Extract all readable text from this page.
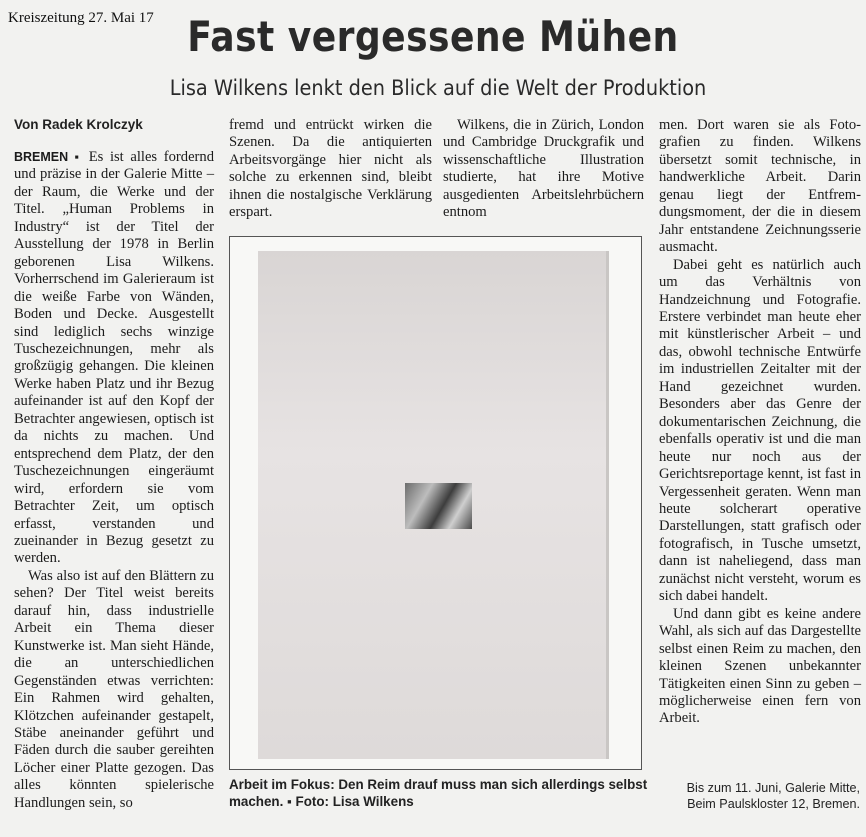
Kreiszeitung 27. Mai 17 Fast vergessene Mühen
Lisa Wilkens lenkt den Blick auf die Welt der Produktion
Von Radek Krolczyk

BREMEN ▪ Es ist alles fordernd und präzise in der Galerie Mitte – der Raum, die Werke und der Titel. „Human Problems in Industry“ ist der Titel der Ausstellung der 1978 in Berlin geborenen Lisa Wilkens. Vorherrschend im Galerieraum ist die weiße Farbe von Wänden, Boden und Decke. Ausgestellt sind lediglich sechs winzige Tuschezeichnungen, mehr als großzügig gehangen. Die kleinen Werke haben Platz und ihr Bezug aufeinander ist auf den Kopf der Betrachter angewiesen, optisch ist da nichts zu machen. Und entsprechend dem Platz, der den Tuschezeichnungen eingeräumt wird, erfordern sie vom Betrachter Zeit, um optisch erfasst, verstanden und zueinander in Bezug gesetzt zu werden.

Was also ist auf den Blättern zu sehen? Der Titel weist bereits darauf hin, dass industrielle Arbeit ein Thema dieser Kunstwerke ist. Man sieht Hände, die an unterschiedlichen Gegenständen etwas verrichten: Ein Rahmen wird gehalten, Klötzchen aufeinander gestapelt, Stäbe aneinander geführt und Fäden durch die sauber gereihten Löcher einer Platte gezogen. Das alles könnten spielerische Handlungen sein, so

fremd und entrückt wirken die Szenen. Da die antiquierten Arbeitsvorgänge hier nicht als solche zu erkennen sind, bleibt ihnen die nostalgische Verklärung erspart.

Wilkens, die in Zürich, London und Cambridge Druckgrafik und wissenschaftliche Illustration studierte, hat ihre Motive ausgedienten Arbeitslehrbüchern entnom

men. Dort waren sie als Fotografien zu finden. Wilkens übersetzt somit technische, in handwerkliche Arbeit. Darin genau liegt der Entfremdungsmoment, der die in diesem Jahr entstandene Zeichnungsserie ausmacht.

Dabei geht es natürlich auch um das Verhältnis von Handzeichnung und Fotografie. Erstere verbindet man heute eher mit künstlerischer Arbeit – und das, obwohl technische Entwürfe im industriellen Zeitalter mit der Hand gezeichnet wurden. Besonders aber das Genre der dokumentarischen Zeichnung, die ebenfalls operativ ist und die man heute nur noch aus der Gerichtsreportage kennt, ist fast in Vergessenheit geraten. Wenn man heute solcherart operative Darstellungen, statt grafisch oder fotografisch, in Tusche umsetzt, dann ist naheliegend, dass man zunächst nicht versteht, worum es sich dabei handelt.

Und dann gibt es keine andere Wahl, als sich auf das Dargestellte selbst einen Reim zu machen, den kleinen Szenen unbekannter Tätigkeiten einen Sinn zu geben – möglicherweise einen fern von Arbeit.

Arbeit im Fokus: Den Reim drauf muss man sich allerdings selbst machen. ▪ Foto: Lisa Wilkens
Bis zum 11. Juni, Galerie Mitte,
Beim Paulskloster 12, Bremen.
